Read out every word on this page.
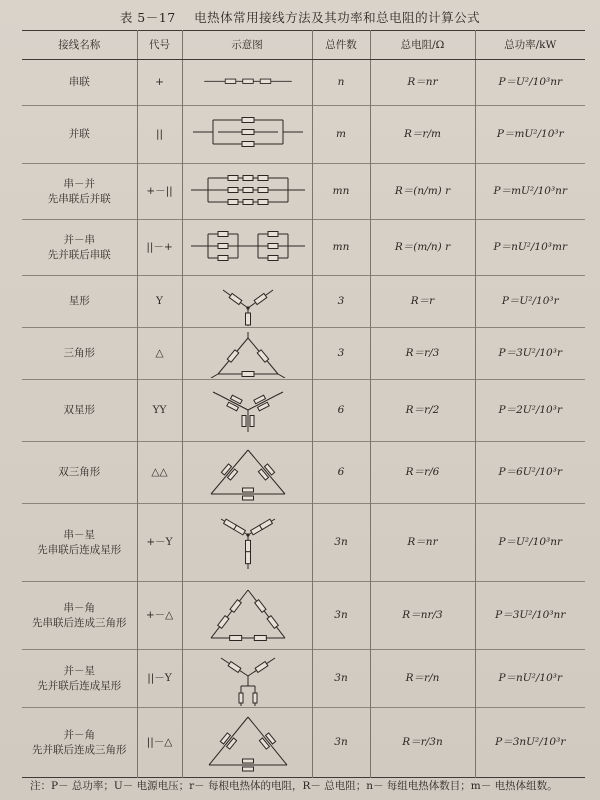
表 5－17 电热体常用接线方法及其功率和总电阻的计算公式
接线名称	代号	示意图	总件数	总电阻/Ω	总功率/kW

串联	+		n	R＝nr	P＝U²/10³nr

并联	||		m	R＝r/m	P＝mU²/10³r

串－并
先串联后并联	+－||		mn	R＝(n/m) r	P＝mU²/10³nr

并－串
先并联后串联	||－+		mn	R＝(m/n) r	P＝nU²/10³mr

星形	Y		3	R＝r	P＝U²/10³r

三角形	△		3	R＝r/3	P＝3U²/10³r

双星形	YY		6	R＝r/2	P＝2U²/10³r

双三角形	△△		6	R＝r/6	P＝6U²/10³r

串－星
先串联后连成星形	+－Y		3n	R＝nr	P＝U²/10³nr

串－角
先串联后连成三角形	+－△		3n	R＝nr/3	P＝3U²/10³nr

并－星
先并联后连成星形	||－Y		3n	R＝r/n	P＝nU²/10³r

并－角
先并联后连成三角形	||－△		3n	R＝r/3n	P＝3nU²/10³r
注：P－ 总功率；U－ 电源电压；r－ 每根电热体的电阻，R－ 总电阻；n－ 每组电热体数目；m－ 电热体组数。
